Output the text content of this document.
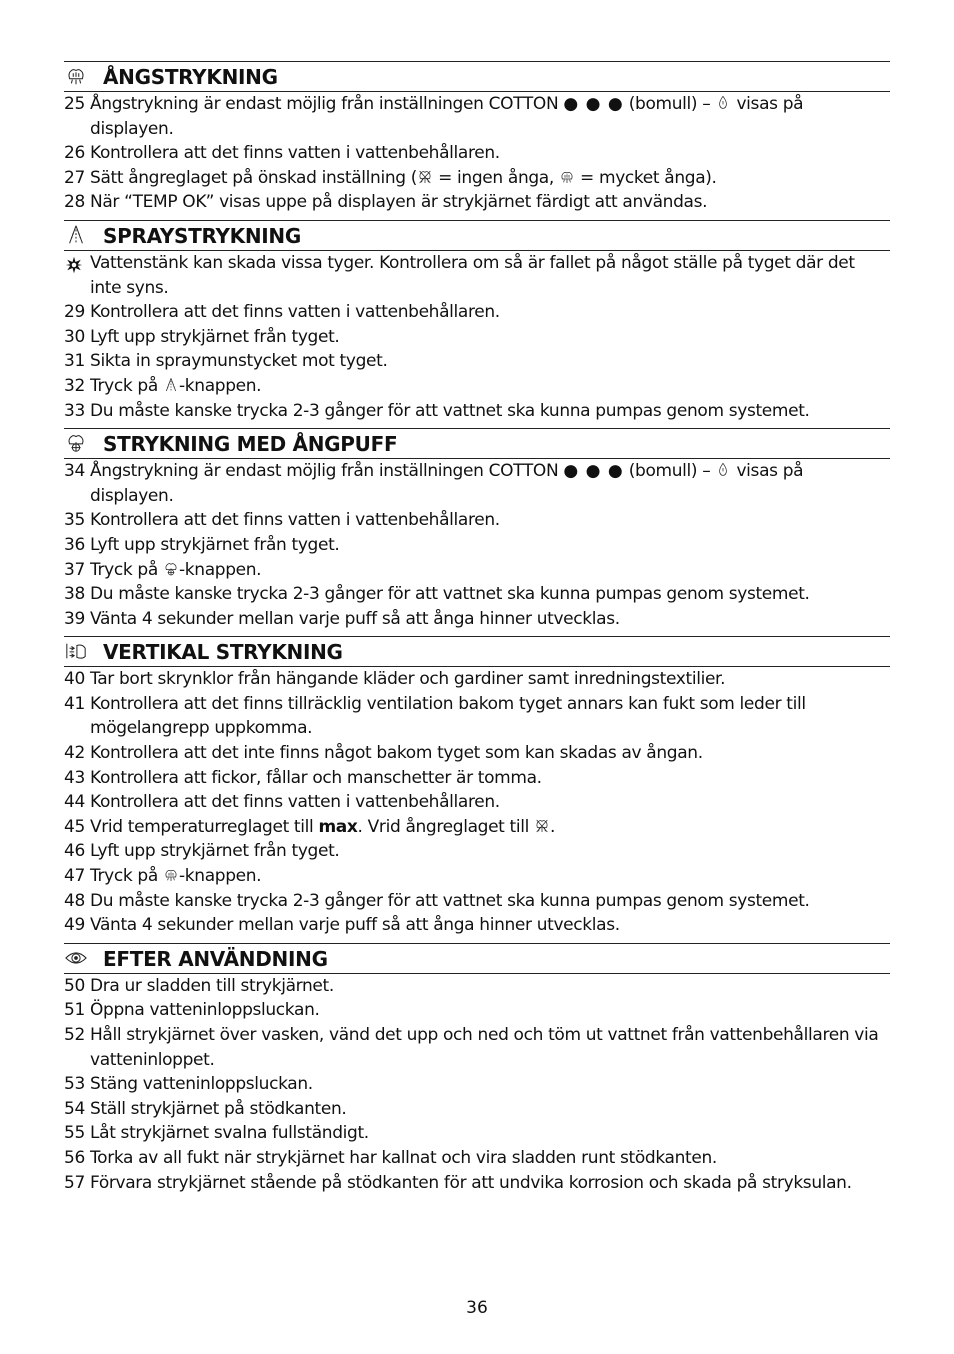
ÅNGSTRYKNING
25 Ångstrykning är endast möjlig från inställningen COTTON ● ● ● (bomull) –  visas på displayen.
26 Kontrollera att det finns vatten i vattenbehållaren.
27 Sätt ångreglaget på önskad inställning ( = ingen ånga,  = mycket ånga).
28 När “TEMP OK” visas uppe på displayen är strykjärnet färdigt att användas.
SPRAYSTRYKNING
Vattenstänk kan skada vissa tyger. Kontrollera om så är fallet på något ställe på tyget där det inte syns.
29 Kontrollera att det finns vatten i vattenbehållaren.
30 Lyft upp strykjärnet från tyget.
31 Sikta in spraymunstycket mot tyget.
32 Tryck på -knappen.
33 Du måste kanske trycka 2-3 gånger för att vattnet ska kunna pumpas genom systemet.
STRYKNING MED ÅNGPUFF
34 Ångstrykning är endast möjlig från inställningen COTTON ● ● ● (bomull) –  visas på displayen.
35 Kontrollera att det finns vatten i vattenbehållaren.
36 Lyft upp strykjärnet från tyget.
37 Tryck på -knappen.
38 Du måste kanske trycka 2-3 gånger för att vattnet ska kunna pumpas genom systemet.
39 Vänta 4 sekunder mellan varje puff så att ånga hinner utvecklas.
VERTIKAL STRYKNING
40 Tar bort skrynklor från hängande kläder och gardiner samt inredningstextilier.
41 Kontrollera att det finns tillräcklig ventilation bakom tyget annars kan fukt som leder till mögelangrepp uppkomma.
42 Kontrollera att det inte finns något bakom tyget som kan skadas av ångan.
43 Kontrollera att fickor, fållar och manschetter är tomma.
44 Kontrollera att det finns vatten i vattenbehållaren.
45 Vrid temperaturreglaget till max. Vrid ångreglaget till .
46 Lyft upp strykjärnet från tyget.
47 Tryck på -knappen.
48 Du måste kanske trycka 2-3 gånger för att vattnet ska kunna pumpas genom systemet.
49 Vänta 4 sekunder mellan varje puff så att ånga hinner utvecklas.
EFTER ANVÄNDNING
50 Dra ur sladden till strykjärnet.
51 Öppna vatteninloppsluckan.
52 Håll strykjärnet över vasken, vänd det upp och ned och töm ut vattnet från vattenbehållaren via vatteninloppet.
53 Stäng vatteninloppsluckan.
54 Ställ strykjärnet på stödkanten.
55 Låt strykjärnet svalna fullständigt.
56 Torka av all fukt när strykjärnet har kallnat och vira sladden runt stödkanten.
57 Förvara strykjärnet stående på stödkanten för att undvika korrosion och skada på stryksulan.
36
